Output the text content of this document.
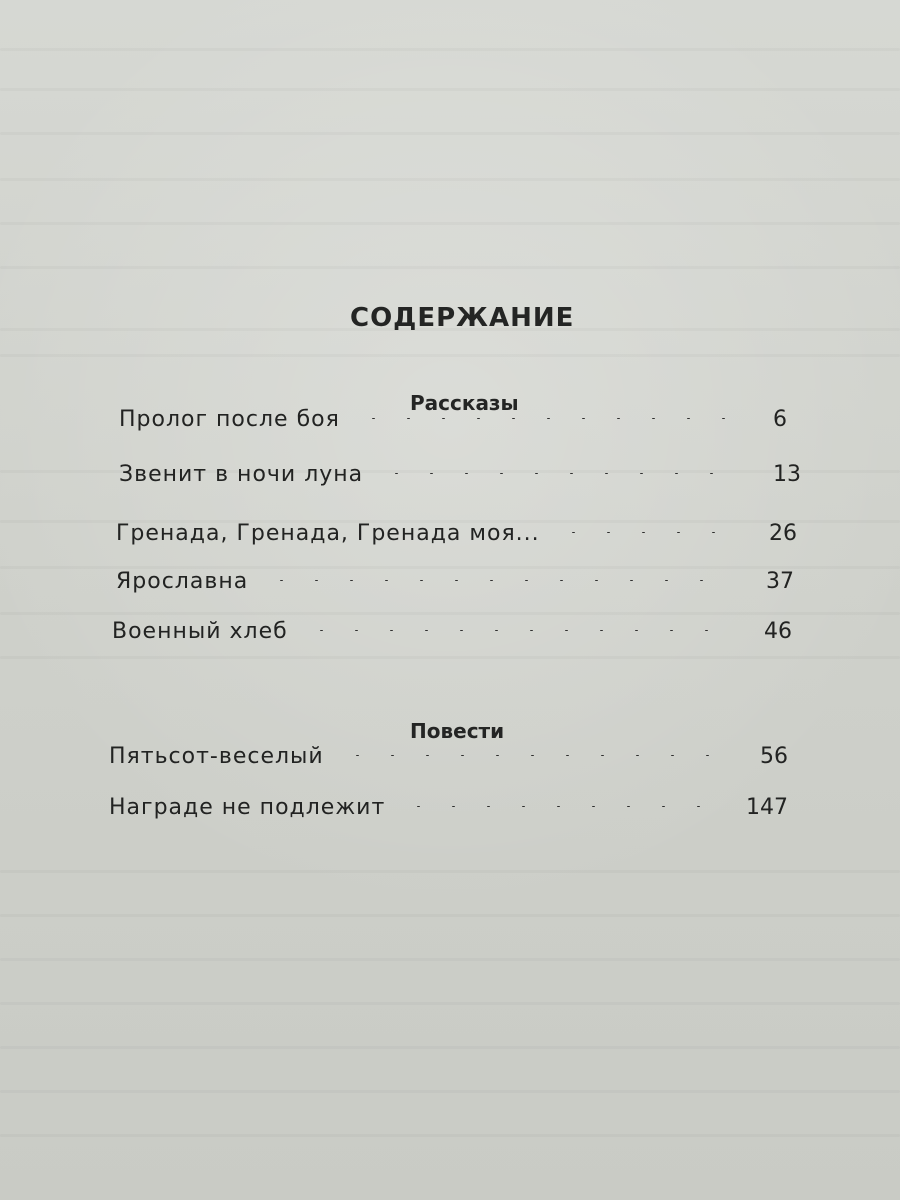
СОДЕРЖАНИЕ
Рассказы
Пролог после боя	6
Звенит в ночи луна	13
Гренада, Гренада, Гренада моя...	26
Ярославна	37
Военный хлеб	46
Повести
Пятьсот-веселый	56
Награде не подлежит	147
